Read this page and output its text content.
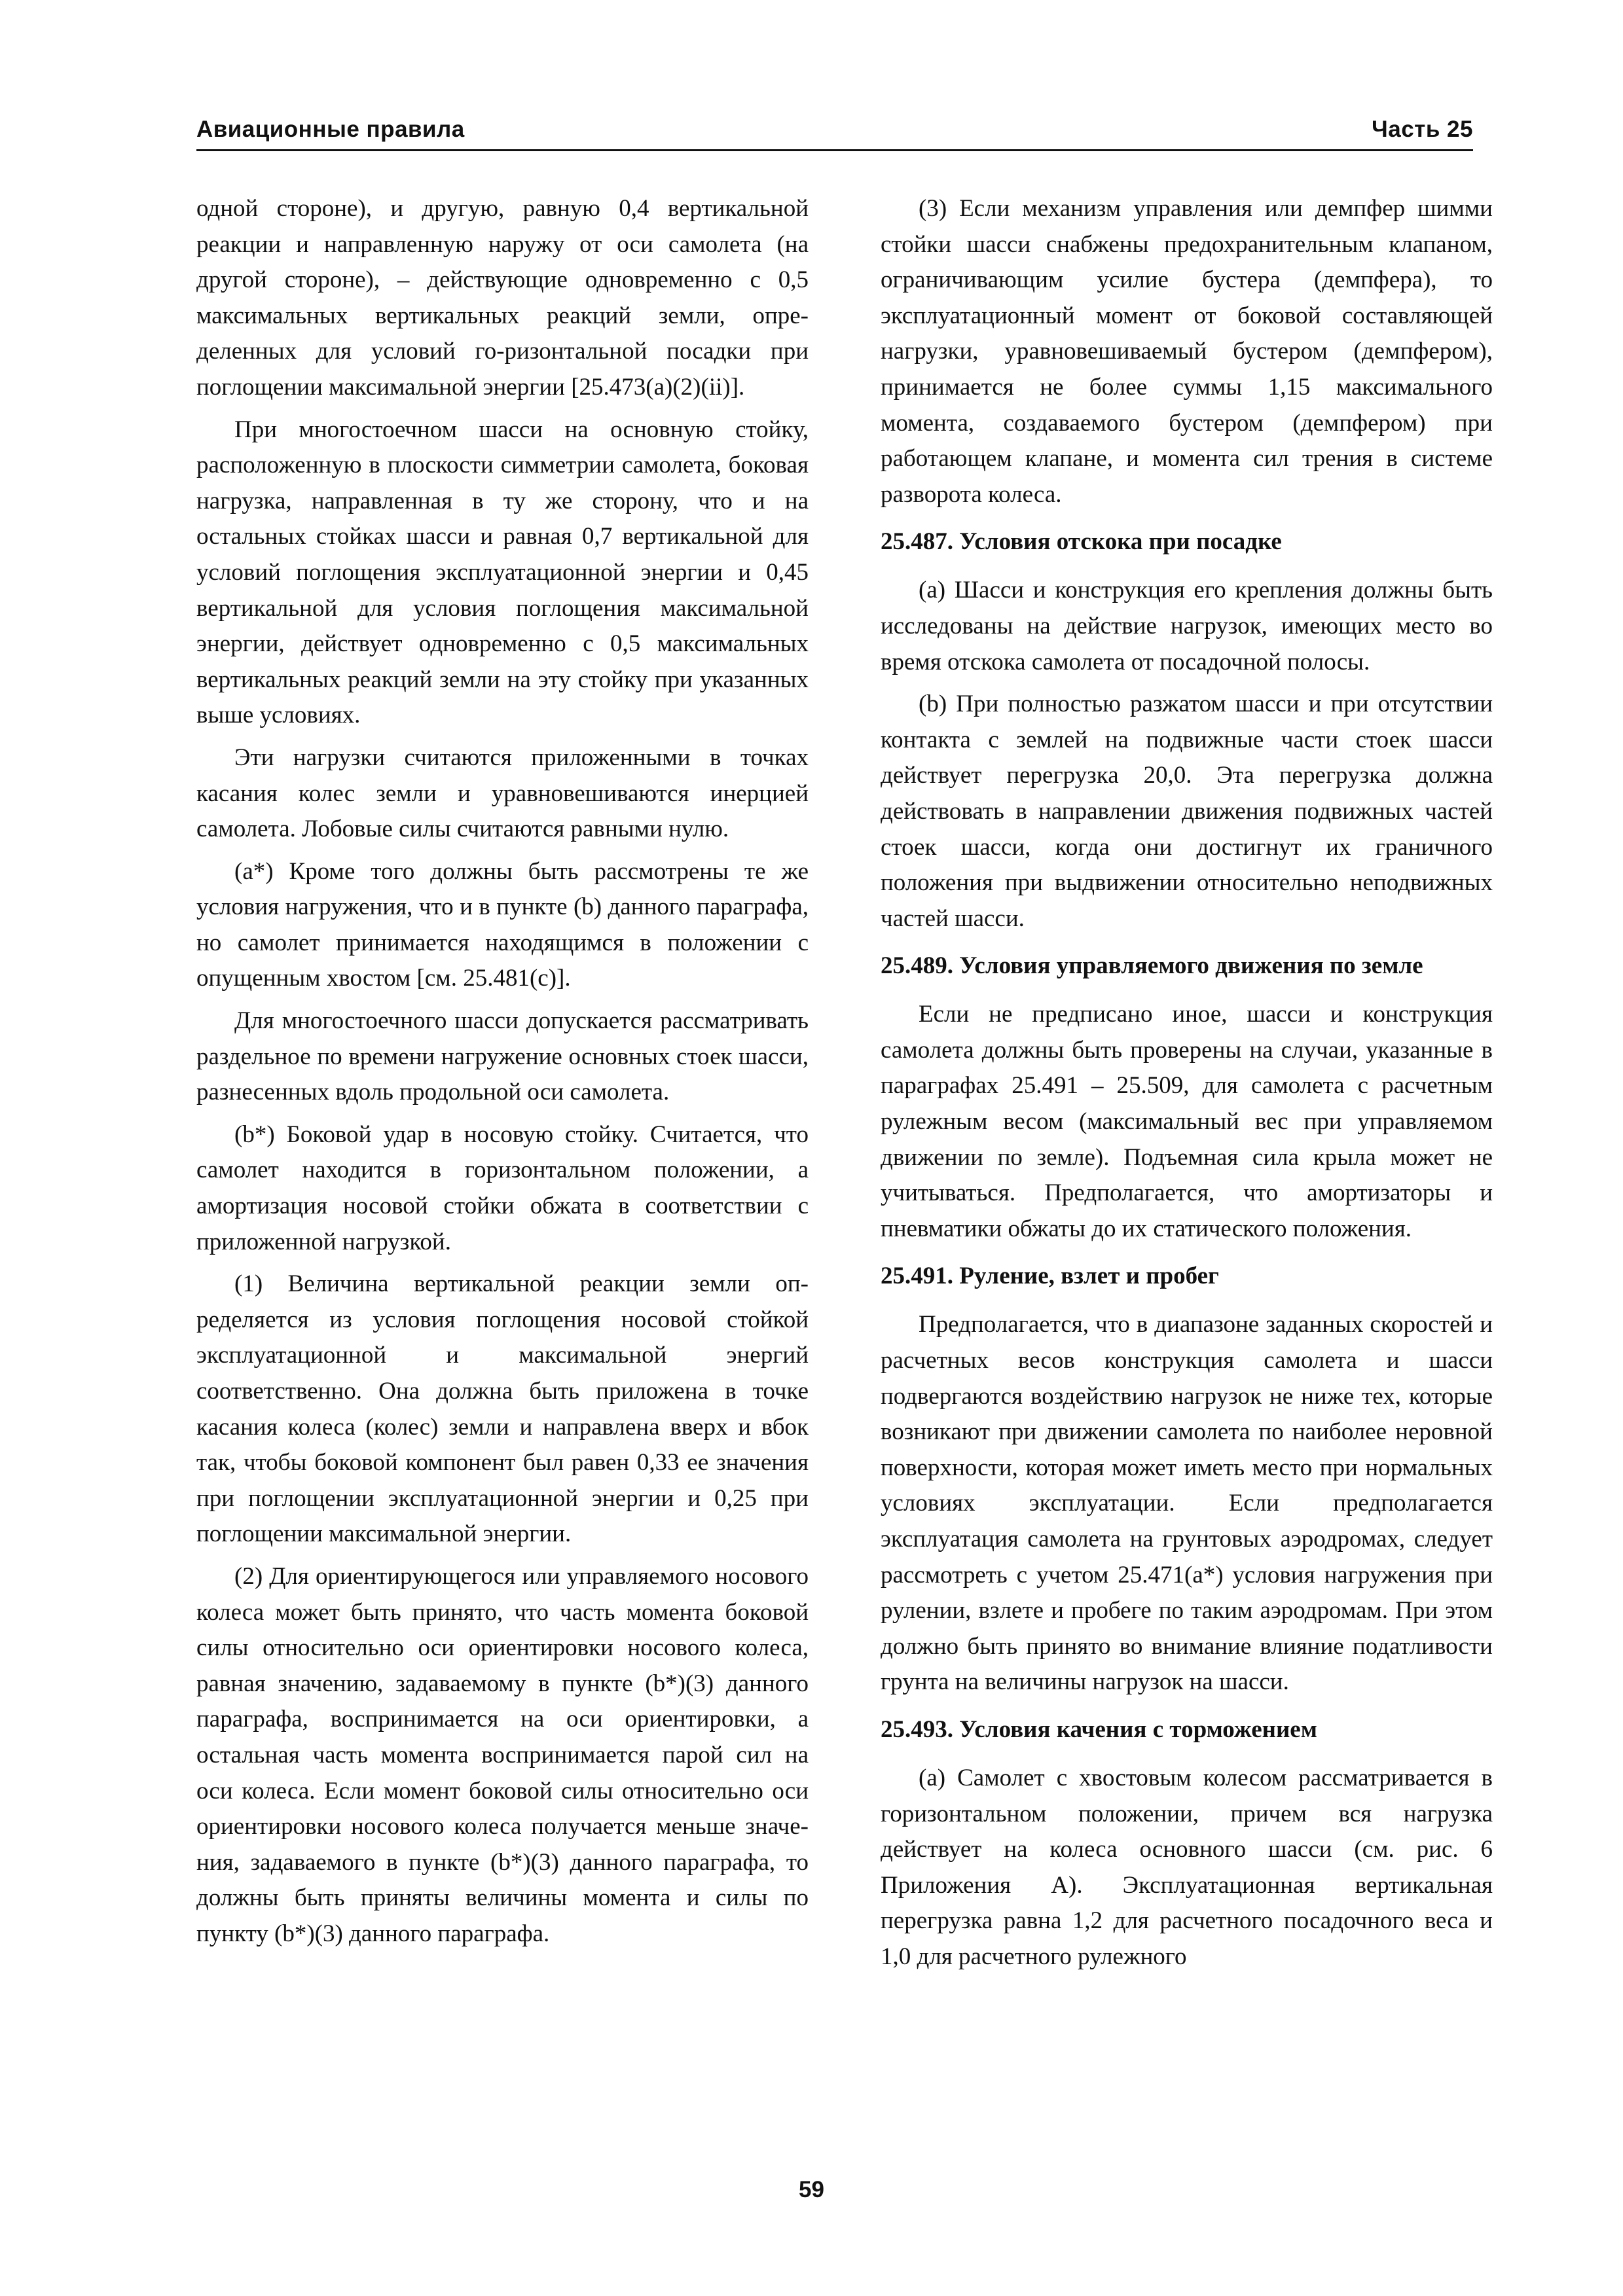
Авиационные правила	Часть 25

одной стороне), и другую, равную 0,4 вертикальной реакции и направленную наружу от оси самолета (на другой стороне), – действующие одновременно с 0,5 максимальных вертикальных реакций земли, определенных для условий го-ризонтальной посадки при поглощении максимальной энергии [25.473(a)(2)(ii)].

При многостоечном шасси на основную стойку, расположенную в плоскости симметрии самолета, боковая нагрузка, направленная в ту же сторону, что и на остальных стойках шасси и равная 0,7 вертикальной для условий поглощения эксплуатационной энергии и 0,45 вертикальной для условия поглощения максимальной энергии, действует одновременно с 0,5 максимальных вертикальных реакций земли на эту стойку при указанных выше условиях.

Эти нагрузки считаются приложенными в точках касания колес земли и уравновешиваются инерцией самолета. Лобовые силы считаются равными нулю.

(a*) Кроме того должны быть рассмотрены те же условия нагружения, что и в пункте (b) данного параграфа, но самолет принимается находящимся в положении с опущенным хвостом [см. 25.481(c)].

Для многостоечного шасси допускается рассматривать раздельное по времени нагружение основных стоек шасси, разнесенных вдоль продольной оси самолета.

(b*) Боковой удар в носовую стойку. Считается, что самолет находится в горизонтальном положении, а амортизация носовой стойки обжата в соответствии с приложенной нагрузкой.

(1) Величина вертикальной реакции земли определяется из условия поглощения носовой стойкой эксплуатационной и максимальной энергий соответственно. Она должна быть приложена в точке касания колеса (колес) земли и направлена вверх и вбок так, чтобы боковой компонент был равен 0,33 ее значения при поглощении эксплуатационной энергии и 0,25 при поглощении максимальной энергии.

(2) Для ориентирующегося или управляемого носового колеса может быть принято, что часть момента боковой силы относительно оси ориентировки носового колеса, равная значению, задаваемому в пункте (b*)(3) данного параграфа, воспринимается на оси ориентировки, а остальная часть момента воспринимается парой сил на оси колеса. Если момент боковой силы относительно оси ориентировки носового колеса получается меньше значения, задаваемого в пункте (b*)(3) данного параграфа, то должны быть приняты величины момента и силы по пункту (b*)(3) данного параграфа.

(3) Если механизм управления или демпфер шимми стойки шасси снабжены предохранительным клапаном, ограничивающим усилие бустера (демпфера), то эксплуатационный момент от боковой составляющей нагрузки, уравновешиваемый бустером (демпфером), принимается не более суммы 1,15 максимального момента, создаваемого бустером (демпфером) при работающем клапане, и момента сил трения в системе разворота колеса.

25.487. Условия отскока при посадке

(a) Шасси и конструкция его крепления должны быть исследованы на действие нагрузок, имеющих место во время отскока самолета от посадочной полосы.

(b) При полностью разжатом шасси и при отсутствии контакта с землей на подвижные части стоек шасси действует перегрузка 20,0. Эта перегрузка должна действовать в направлении движения подвижных частей стоек шасси, когда они достигнут их граничного положения при выдвижении относительно неподвижных частей шасси.

25.489. Условия управляемого движения по земле

Если не предписано иное, шасси и конструкция самолета должны быть проверены на случаи, указанные в параграфах 25.491 – 25.509, для самолета с расчетным рулежным весом (максимальный вес при управляемом движении по земле). Подъемная сила крыла может не учитываться. Предполагается, что амортизаторы и пневматики обжаты до их статического положения.

25.491. Руление, взлет и пробег

Предполагается, что в диапазоне заданных скоростей и расчетных весов конструкция самолета и шасси подвергаются воздействию нагрузок не ниже тех, которые возникают при движении самолета по наиболее неровной поверхности, которая может иметь место при нормальных условиях эксплуатации. Если предполагается эксплуатация самолета на грунтовых аэродромах, следует рассмотреть с учетом 25.471(a*) условия нагружения при рулении, взлете и пробеге по таким аэродромам. При этом должно быть принято во внимание влияние податливости грунта на величины нагрузок на шасси.

25.493. Условия качения с торможением

(a) Самолет с хвостовым колесом рассматривается в горизонтальном положении, причем вся нагрузка действует на колеса основного шасси (см. рис. 6 Приложения А). Эксплуатационная вертикальная перегрузка равна 1,2 для расчетного посадочного веса и 1,0 для расчетного рулежного

59
